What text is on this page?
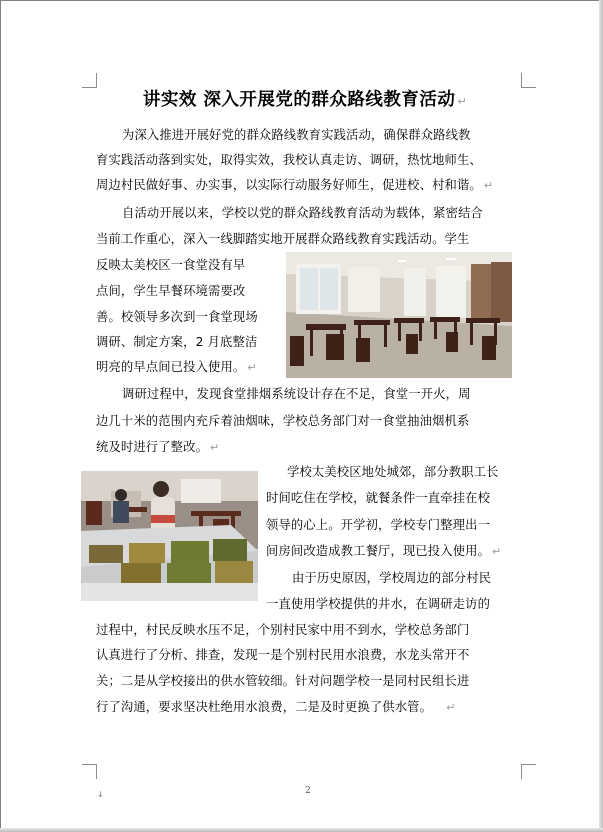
讲实效 深入开展党的群众路线教育活动 ↵
为深入推进开展好党的群众路线教育实践活动，确保群众路线教
育实践活动落到实处，取得实效，我校认真走访、调研，热忱地师生、
周边村民做好事、办实事，以实际行动服务好师生，促进校、村和谐。 ↵
自活动开展以来，学校以党的群众路线教育活动为载体，紧密结合
当前工作重心，深入一线脚踏实地开展群众路线教育实践活动。学生
反映太美校区一食堂没有早
点间，学生早餐环境需要改
善。校领导多次到一食堂现场
调研、制定方案，2 月底整洁
明亮的早点间已投入使用。 ↵
调研过程中，发现食堂排烟系统设计存在不足，食堂一开火，周
边几十米的范围内充斥着油烟味，学校总务部门对一食堂抽油烟机系
统及时进行了整改。 ↵
学校太美校区地处城郊，部分教职工长
时间吃住在学校，就餐条件一直牵挂在校
领导的心上。开学初，学校专门整理出一
间房间改造成教工餐厅，现已投入使用。 ↵
由于历史原因，学校周边的部分村民
一直使用学校提供的井水，在调研走访的
过程中，村民反映水压不足，个别村民家中用不到水，学校总务部门
认真进行了分析、排查，发现一是个别村民用水浪费，水龙头常开不
关；二是从学校接出的供水管较细。针对问题学校一是同村民组长进
行了沟通，要求坚决杜绝用水浪费，二是及时更换了供水管。 ↵
2
↓
